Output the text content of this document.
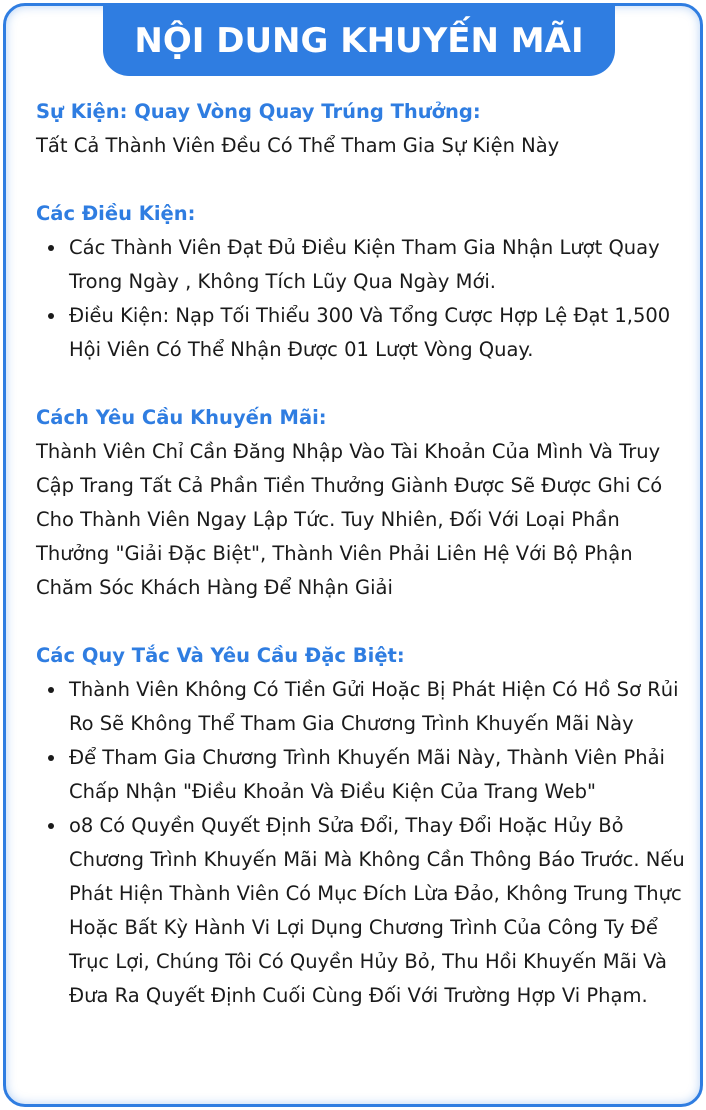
NỘI DUNG KHUYẾN MÃI

Sự Kiện: Quay Vòng Quay Trúng Thưởng:

Tất Cả Thành Viên Đều Có Thể Tham Gia Sự Kiện Này

Các Điều Kiện:

Các Thành Viên Đạt Đủ Điều Kiện Tham Gia Nhận Lượt Quay Trong Ngày , Không Tích Lũy Qua Ngày Mới.
Điều Kiện: Nạp Tối Thiểu 300 Và Tổng Cược Hợp Lệ Đạt 1,500 Hội Viên Có Thể Nhận Được 01 Lượt Vòng Quay.

Cách Yêu Cầu Khuyến Mãi:

Thành Viên Chỉ Cần Đăng Nhập Vào Tài Khoản Của Mình Và Truy Cập Trang Tất Cả Phần Tiền Thưởng Giành Được Sẽ Được Ghi Có Cho Thành Viên Ngay Lập Tức. Tuy Nhiên, Đối Với Loại Phần Thưởng "Giải Đặc Biệt", Thành Viên Phải Liên Hệ Với Bộ Phận Chăm Sóc Khách Hàng Để Nhận Giải

Các Quy Tắc Và Yêu Cầu Đặc Biệt:

Thành Viên Không Có Tiền Gửi Hoặc Bị Phát Hiện Có Hồ Sơ Rủi Ro Sẽ Không Thể Tham Gia Chương Trình Khuyến Mãi Này
Để Tham Gia Chương Trình Khuyến Mãi Này, Thành Viên Phải Chấp Nhận "Điều Khoản Và Điều Kiện Của Trang Web"
o8 Có Quyền Quyết Định Sửa Đổi, Thay Đổi Hoặc Hủy Bỏ Chương Trình Khuyến Mãi Mà Không Cần Thông Báo Trước. Nếu Phát Hiện Thành Viên Có Mục Đích Lừa Đảo, Không Trung Thực Hoặc Bất Kỳ Hành Vi Lợi Dụng Chương Trình Của Công Ty Để Trục Lợi, Chúng Tôi Có Quyền Hủy Bỏ, Thu Hồi Khuyến Mãi Và Đưa Ra Quyết Định Cuối Cùng Đối Với Trường Hợp Vi Phạm.
